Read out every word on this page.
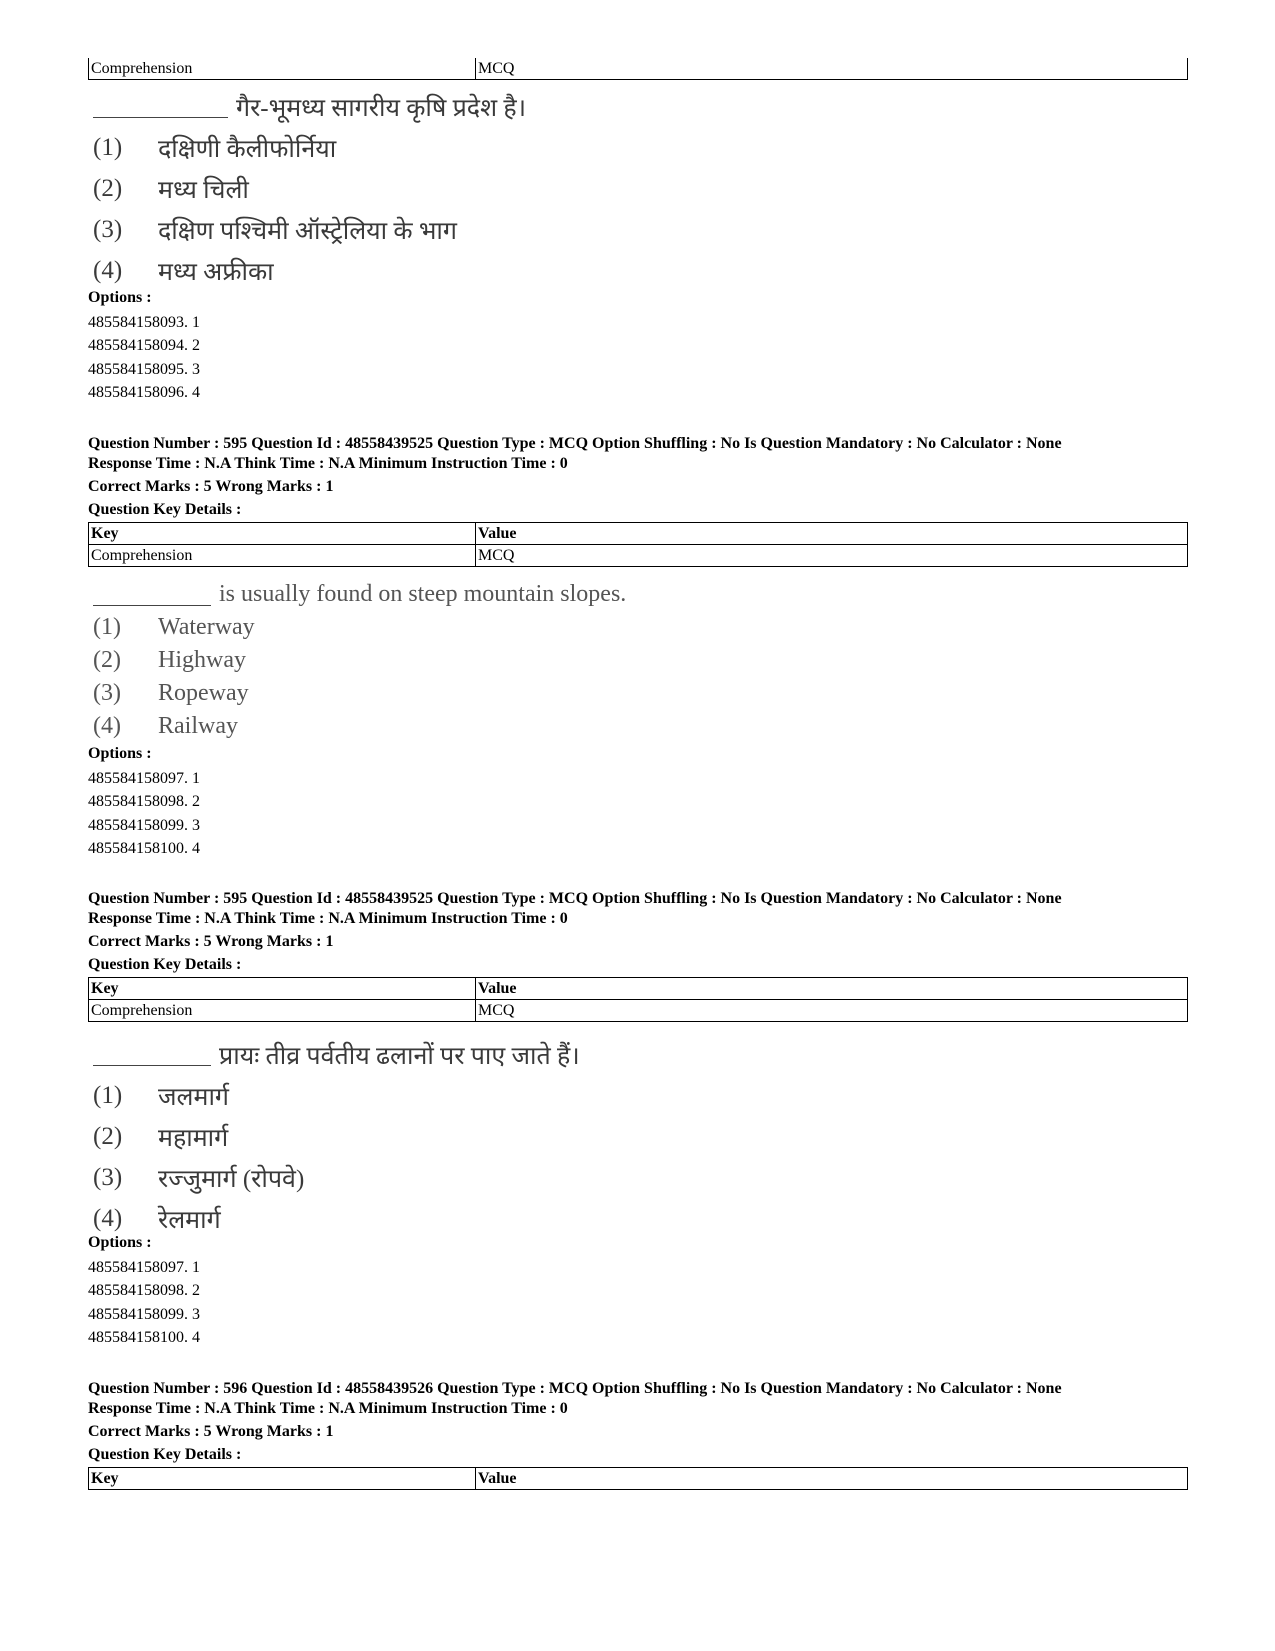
Comprehension	MCQ
गैर-भूमध्य सागरीय कृषि प्रदेश है।
(1)	दक्षिणी कैलीफोर्निया
(2)	मध्य चिली
(3)	दक्षिण पश्चिमी ऑस्ट्रेलिया के भाग
(4)	मध्य अफ्रीका
Options :
485584158093. 1
485584158094. 2
485584158095. 3
485584158096. 4

Question Number : 595 Question Id : 48558439525 Question Type : MCQ Option Shuffling : No Is Question Mandatory : No Calculator : None

Response Time : N.A Think Time : N.A Minimum Instruction Time : 0

Correct Marks : 5 Wrong Marks : 1

Question Key Details :

Key	Value
Comprehension	MCQ
is usually found on steep mountain slopes.
(1)	Waterway
(2)	Highway
(3)	Ropeway
(4)	Railway
Options :
485584158097. 1
485584158098. 2
485584158099. 3
485584158100. 4

Question Number : 595 Question Id : 48558439525 Question Type : MCQ Option Shuffling : No Is Question Mandatory : No Calculator : None

Response Time : N.A Think Time : N.A Minimum Instruction Time : 0

Correct Marks : 5 Wrong Marks : 1

Question Key Details :

Key	Value
Comprehension	MCQ
प्रायः तीव्र पर्वतीय ढलानों पर पाए जाते हैं।
(1)	जलमार्ग
(2)	महामार्ग
(3)	रज्जुमार्ग (रोपवे)
(4)	रेलमार्ग
Options :
485584158097. 1
485584158098. 2
485584158099. 3
485584158100. 4

Question Number : 596 Question Id : 48558439526 Question Type : MCQ Option Shuffling : No Is Question Mandatory : No Calculator : None

Response Time : N.A Think Time : N.A Minimum Instruction Time : 0

Correct Marks : 5 Wrong Marks : 1

Question Key Details :

Key	Value
